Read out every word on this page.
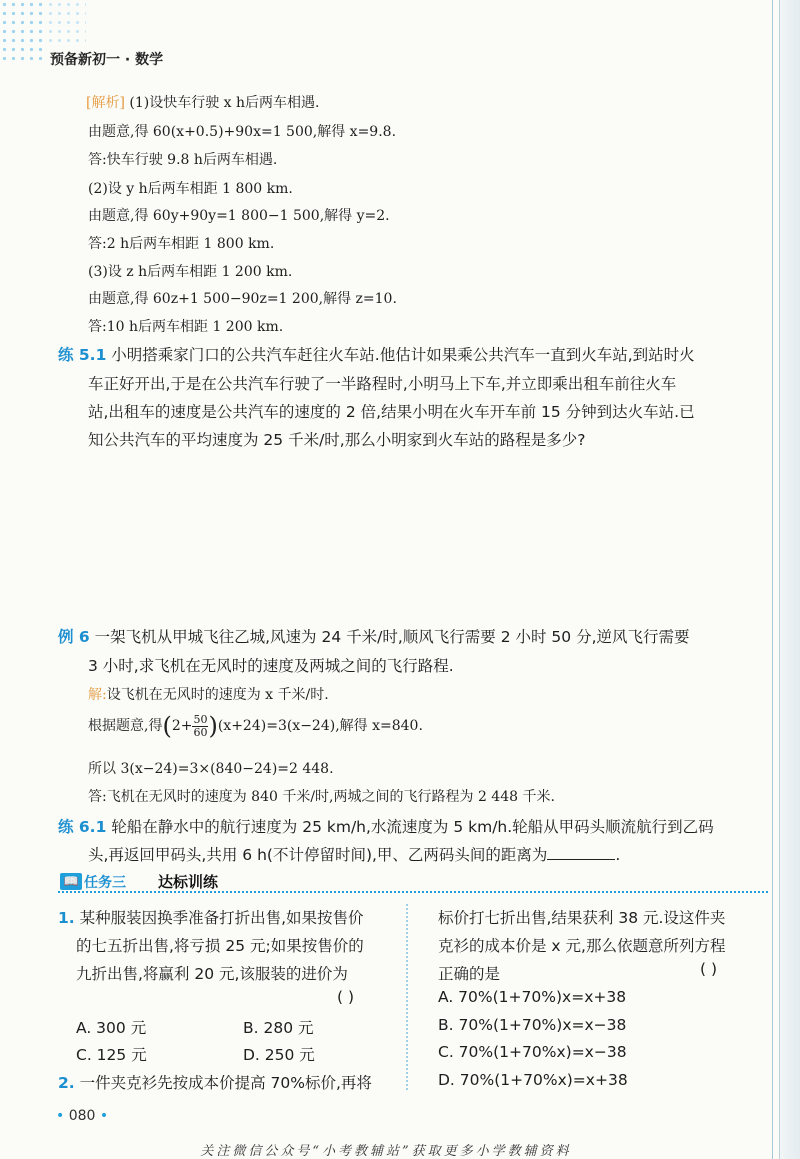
预备新初一 · 数学
[解析] (1)设快车行驶 x h后两车相遇.
由题意,得 60(x+0.5)+90x=1 500,解得 x=9.8.
答:快车行驶 9.8 h后两车相遇.
(2)设 y h后两车相距 1 800 km.
由题意,得 60y+90y=1 800−1 500,解得 y=2.
答:2 h后两车相距 1 800 km.
(3)设 z h后两车相距 1 200 km.
由题意,得 60z+1 500−90z=1 200,解得 z=10.
答:10 h后两车相距 1 200 km.
练 5.1 小明搭乘家门口的公共汽车赶往火车站.他估计如果乘公共汽车一直到火车站,到站时火
车正好开出,于是在公共汽车行驶了一半路程时,小明马上下车,并立即乘出租车前往火车
站,出租车的速度是公共汽车的速度的 2 倍,结果小明在火车开车前 15 分钟到达火车站.已
知公共汽车的平均速度为 25 千米/时,那么小明家到火车站的路程是多少?
例 6 一架飞机从甲城飞往乙城,风速为 24 千米/时,顺风飞行需要 2 小时 50 分,逆风飞行需要
3 小时,求飞机在无风时的速度及两城之间的飞行路程.
解:设飞机在无风时的速度为 x 千米/时.
根据题意,得$(2+ \frac{50}{60} )(x+24)=3(x-24)$,解得 x=840.
所以 3(x−24)=3×(840−24)=2 448.
答:飞机在无风时的速度为 840 千米/时,两城之间的飞行路程为 2 448 千米.
练 6.1 轮船在静水中的航行速度为 25 km/h,水流速度为 5 km/h.轮船从甲码头顺流航行到乙码
头,再返回甲码头,共用 6 h(不计停留时间),甲、乙两码头间的距离为	.
📖 任务三 达标训练
1. 某种服装因换季准备打折出售,如果按售价
的七五折出售,将亏损 25 元;如果按售价的
九折出售,将赢利 20 元,该服装的进价为
( )
A. 300 元	B. 280 元
C. 125 元	D. 250 元
2. 一件夹克衫先按成本价提高 70%标价,再将
标价打七折出售,结果获利 38 元.设这件夹
克衫的成本价是 x 元,那么依题意所列方程
正确的是	( )
A. 70%(1+70%)x=x+38
B. 70%(1+70%)x=x−38
C. 70%(1+70%x)=x−38
D. 70%(1+70%x)=x+38
• 080 •
关注微信公众号“小考教辅站”获取更多小学教辅资料
